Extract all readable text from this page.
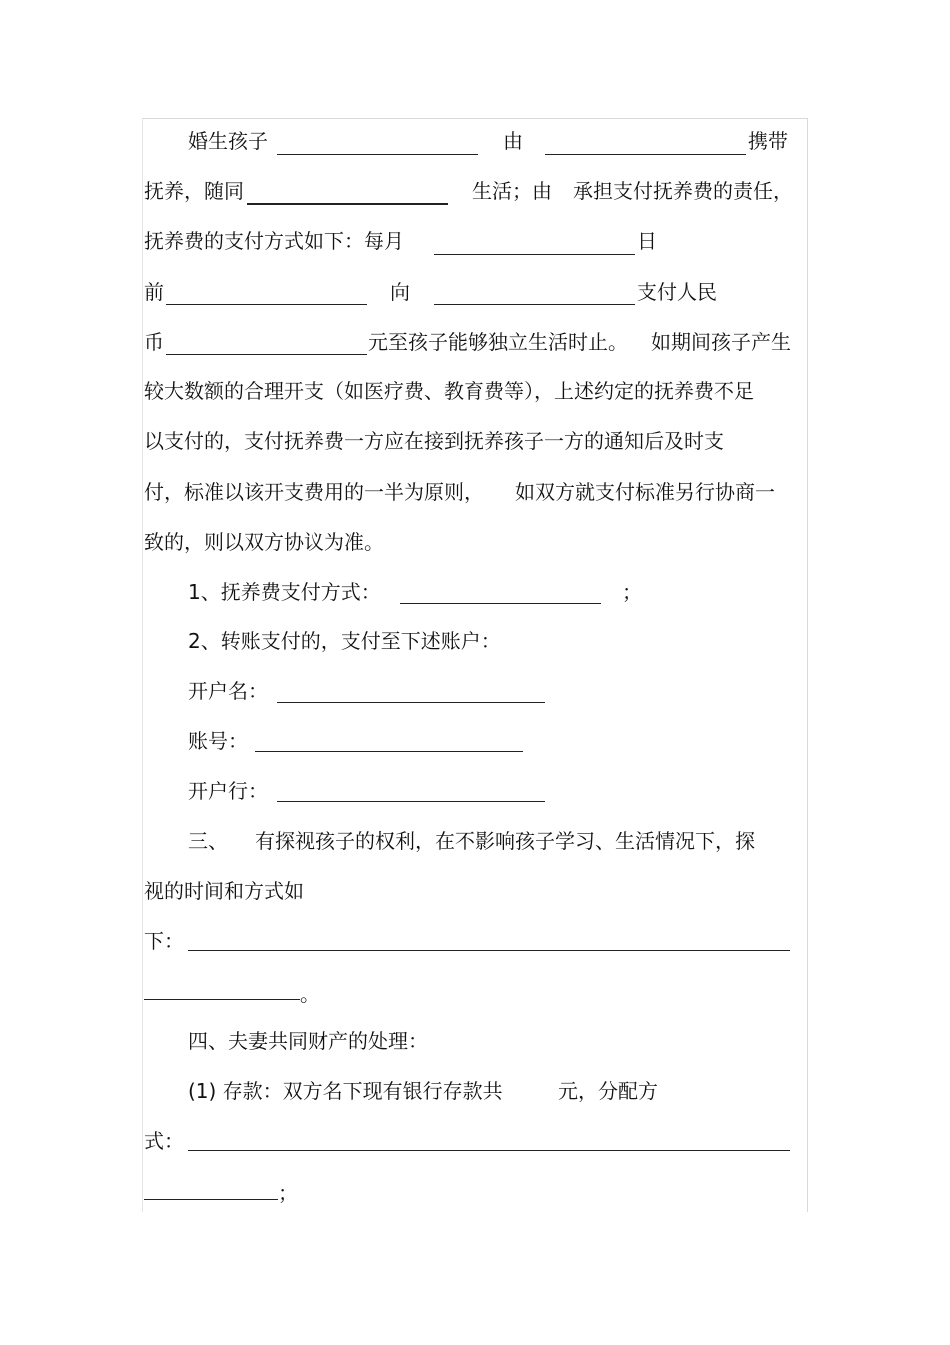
婚生孩子	由	携带
抚养，随同	生活；由 承担支付抚养费的责任，
抚养费的支付方式如下：每月	日
前	向	支付人民
币	元至孩子能够独立生活时止。 如期间孩子产生
较大数额的合理开支（如医疗费、教育费等），上述约定的抚养费不足
以支付的，支付抚养费一方应在接到抚养孩子一方的通知后及时支
付，标准以该开支费用的一半为原则， 如双方就支付标准另行协商一
致的，则以双方协议为准。
1、抚养费支付方式：	；
2、转账支付的，支付至下述账户：
开户名：
账号：
开户行：
三、 有探视孩子的权利，在不影响孩子学习、生活情况下，探
视的时间和方式如
下：
。
四、夫妻共同财产的处理：
(1) 存款：双方名下现有银行存款共	元，分配方
式：
；
